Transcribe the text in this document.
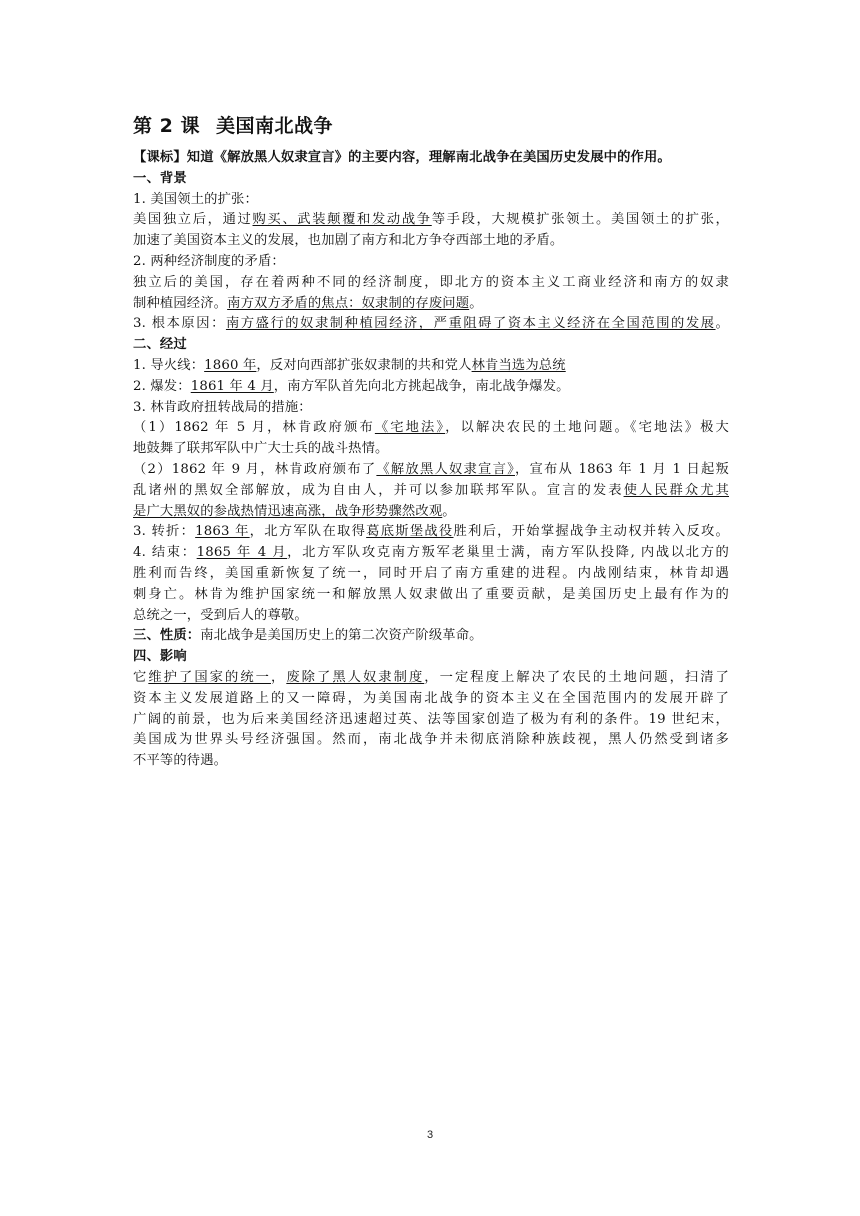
第 2 课 美国南北战争
【课标】知道《解放黑人奴隶宣言》的主要内容，理解南北战争在美国历史发展中的作用。
一、背景
1. 美国领土的扩张：
美国独立后，通过购买、武装颠覆和发动战争等手段，大规模扩张领土。美国领土的扩张，
加速了美国资本主义的发展，也加剧了南方和北方争夺西部土地的矛盾。
2. 两种经济制度的矛盾：
独立后的美国，存在着两种不同的经济制度，即北方的资本主义工商业经济和南方的奴隶
制种植园经济。南方双方矛盾的焦点：奴隶制的存废问题。
3. 根本原因：南方盛行的奴隶制种植园经济，严重阻碍了资本主义经济在全国范围的发展。
二、经过
1. 导火线：1860 年，反对向西部扩张奴隶制的共和党人林肯当选为总统
2. 爆发：1861 年 4 月，南方军队首先向北方挑起战争，南北战争爆发。
3. 林肯政府扭转战局的措施：
（1）1862 年 5 月，林肯政府颁布《宅地法》，以解决农民的土地问题。《宅地法》极大
地鼓舞了联邦军队中广大士兵的战斗热情。
（2）1862 年 9 月，林肯政府颁布了《解放黑人奴隶宣言》，宣布从 1863 年 1 月 1 日起叛
乱诸州的黑奴全部解放，成为自由人，并可以参加联邦军队。宣言的发表使人民群众尤其
是广大黑奴的参战热情迅速高涨，战争形势骤然改观。
3. 转折：1863 年，北方军队在取得葛底斯堡战役胜利后，开始掌握战争主动权并转入反攻。
4. 结束：1865 年 4 月，北方军队攻克南方叛军老巢里士满，南方军队投降, 内战以北方的
胜利而告终，美国重新恢复了统一，同时开启了南方重建的进程。内战刚结束，林肯却遇
刺身亡。林肯为维护国家统一和解放黑人奴隶做出了重要贡献，是美国历史上最有作为的
总统之一，受到后人的尊敬。
三、性质：南北战争是美国历史上的第二次资产阶级革命。
四、影响
它维护了国家的统一，废除了黑人奴隶制度，一定程度上解决了农民的土地问题，扫清了
资本主义发展道路上的又一障碍，为美国南北战争的资本主义在全国范围内的发展开辟了
广阔的前景，也为后来美国经济迅速超过英、法等国家创造了极为有利的条件。19 世纪末，
美国成为世界头号经济强国。然而，南北战争并未彻底消除种族歧视，黑人仍然受到诸多
不平等的待遇。
3
